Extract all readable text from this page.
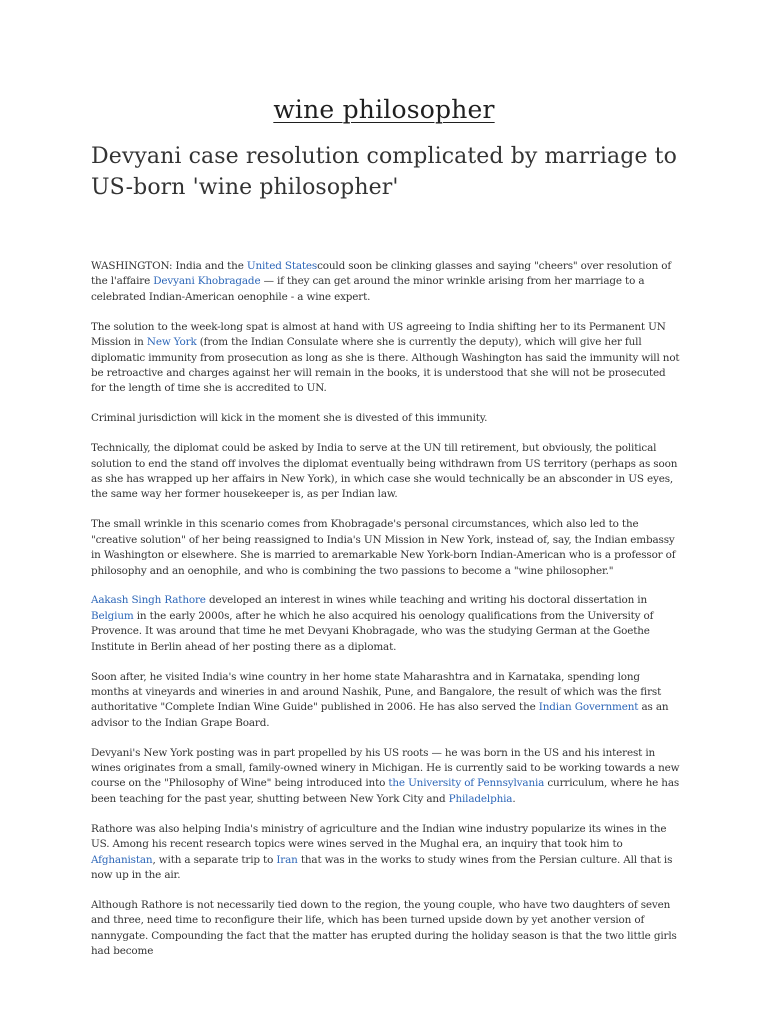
wine philosopher
Devyani case resolution complicated by marriage to US-born 'wine philosopher'

WASHINGTON: India and the United Statescould soon be clinking glasses and saying "cheers" over resolution of the l'affaire Devyani Khobragade — if they can get around the minor wrinkle arising from her marriage to a celebrated Indian-American oenophile - a wine expert.

The solution to the week-long spat is almost at hand with US agreeing to India shifting her to its Permanent UN Mission in New York (from the Indian Consulate where she is currently the deputy), which will give her full diplomatic immunity from prosecution as long as she is there. Although Washington has said the immunity will not be retroactive and charges against her will remain in the books, it is understood that she will not be prosecuted for the length of time she is accredited to UN.

Criminal jurisdiction will kick in the moment she is divested of this immunity.

Technically, the diplomat could be asked by India to serve at the UN till retirement, but obviously, the political solution to end the stand off involves the diplomat eventually being withdrawn from US territory (perhaps as soon as she has wrapped up her affairs in New York), in which case she would technically be an absconder in US eyes, the same way her former housekeeper is, as per Indian law.

The small wrinkle in this scenario comes from Khobragade's personal circumstances, which also led to the "creative solution" of her being reassigned to India's UN Mission in New York, instead of, say, the Indian embassy in Washington or elsewhere. She is married to aremarkable New York-born Indian-American who is a professor of philosophy and an oenophile, and who is combining the two passions to become a "wine philosopher."

Aakash Singh Rathore developed an interest in wines while teaching and writing his doctoral dissertation in Belgium in the early 2000s, after he which he also acquired his oenology qualifications from the University of Provence. It was around that time he met Devyani Khobragade, who was the studying German at the Goethe Institute in Berlin ahead of her posting there as a diplomat.

Soon after, he visited India's wine country in her home state Maharashtra and in Karnataka, spending long months at vineyards and wineries in and around Nashik, Pune, and Bangalore, the result of which was the first authoritative "Complete Indian Wine Guide" published in 2006. He has also served the Indian Government as an advisor to the Indian Grape Board.

Devyani's New York posting was in part propelled by his US roots — he was born in the US and his interest in wines originates from a small, family-owned winery in Michigan. He is currently said to be working towards a new course on the "Philosophy of Wine" being introduced into the University of Pennsylvania curriculum, where he has been teaching for the past year, shutting between New York City and Philadelphia.

Rathore was also helping India's ministry of agriculture and the Indian wine industry popularize its wines in the US. Among his recent research topics were wines served in the Mughal era, an inquiry that took him to Afghanistan, with a separate trip to Iran that was in the works to study wines from the Persian culture. All that is now up in the air.

Although Rathore is not necessarily tied down to the region, the young couple, who have two daughters of seven and three, need time to reconfigure their life, which has been turned upside down by yet another version of nannygate. Compounding the fact that the matter has erupted during the holiday season is that the two little girls had become
